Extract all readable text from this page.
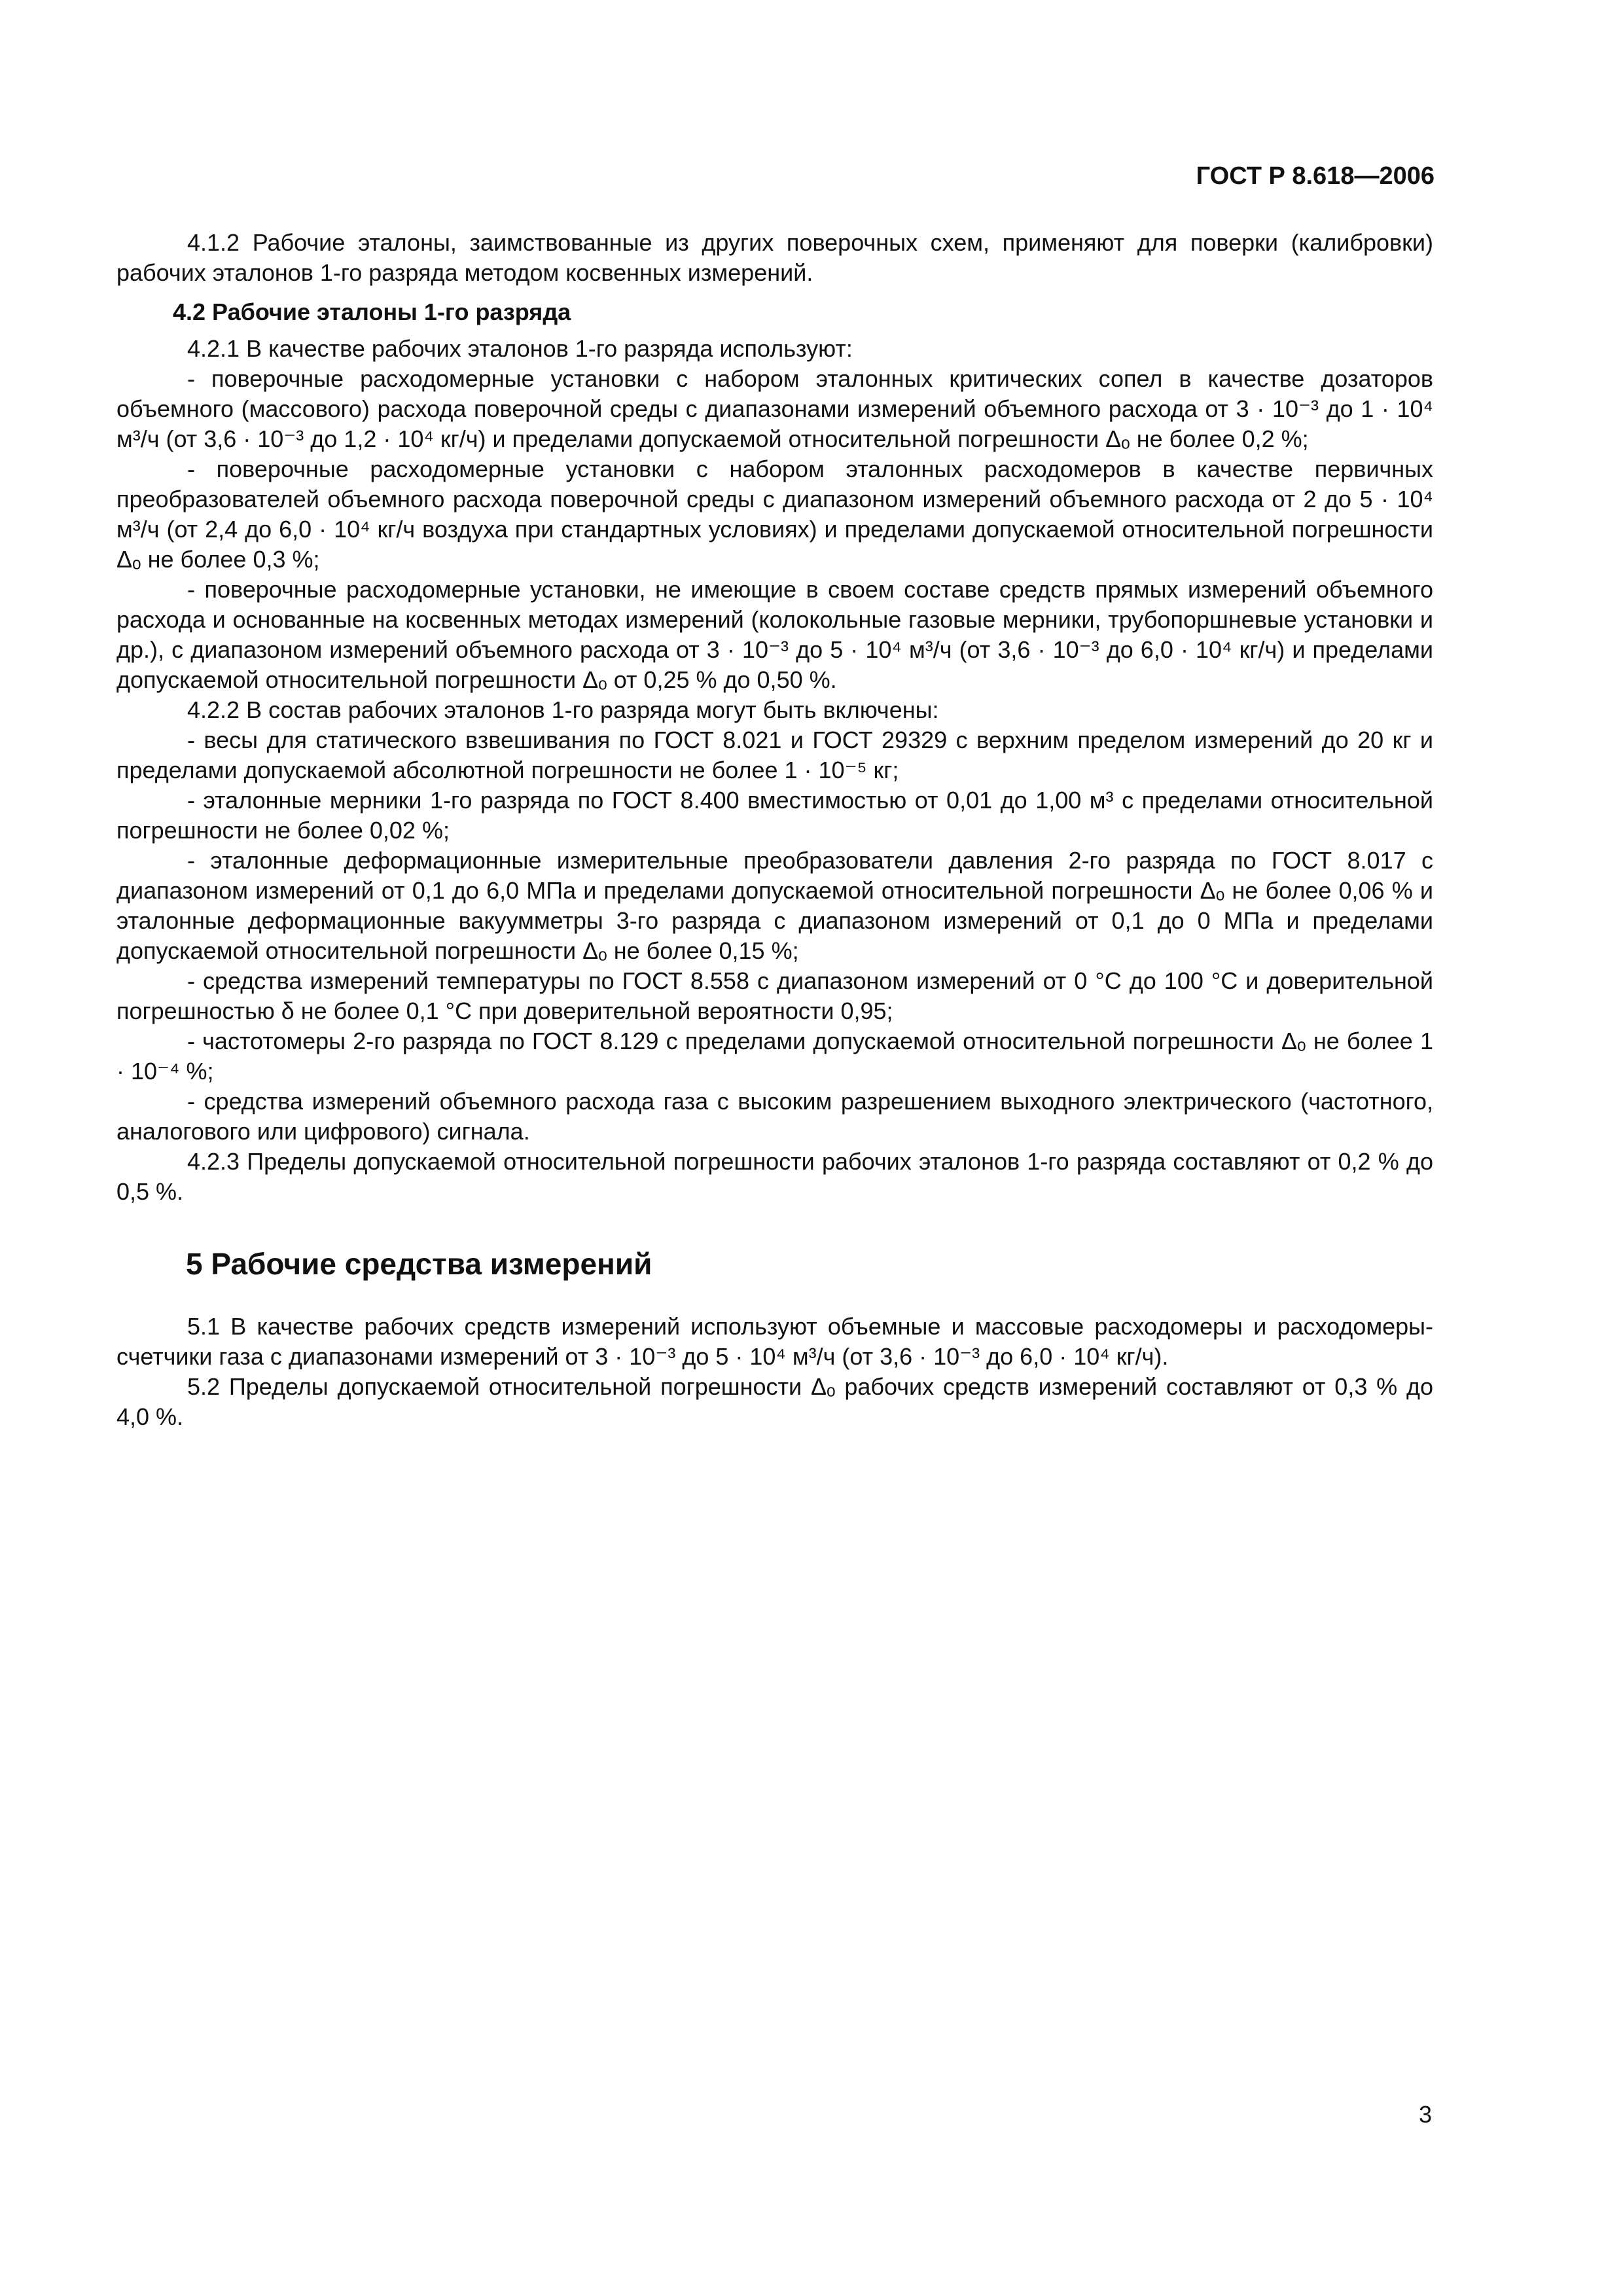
ГОСТ Р 8.618—2006

4.1.2 Рабочие эталоны, заимствованные из других поверочных схем, применяют для поверки (калибровки) рабочих эталонов 1-го разряда методом косвенных измерений.

4.2 Рабочие эталоны 1-го разряда

4.2.1 В качестве рабочих эталонов 1-го разряда используют:

- поверочные расходомерные установки с набором эталонных критических сопел в качестве дозаторов объемного (массового) расхода поверочной среды с диапазонами измерений объемного расхода от 3 · 10⁻³ до 1 · 10⁴ м³/ч (от 3,6 · 10⁻³ до 1,2 · 10⁴ кг/ч) и пределами допускаемой относительной погрешности Δₒ не более 0,2 %;

- поверочные расходомерные установки с набором эталонных расходомеров в качестве первичных преобразователей объемного расхода поверочной среды с диапазоном измерений объемного расхода от 2 до 5 · 10⁴ м³/ч (от 2,4 до 6,0 · 10⁴ кг/ч воздуха при стандартных условиях) и пределами допускаемой относительной погрешности Δₒ не более 0,3 %;

- поверочные расходомерные установки, не имеющие в своем составе средств прямых измерений объемного расхода и основанные на косвенных методах измерений (колокольные газовые мерники, трубопоршневые установки и др.), с диапазоном измерений объемного расхода от 3 · 10⁻³ до 5 · 10⁴ м³/ч (от 3,6 · 10⁻³ до 6,0 · 10⁴ кг/ч) и пределами допускаемой относительной погрешности Δₒ от 0,25 % до 0,50 %.

4.2.2 В состав рабочих эталонов 1-го разряда могут быть включены:

- весы для статического взвешивания по ГОСТ 8.021 и ГОСТ 29329 с верхним пределом измерений до 20 кг и пределами допускаемой абсолютной погрешности не более 1 · 10⁻⁵ кг;

- эталонные мерники 1-го разряда по ГОСТ 8.400 вместимостью от 0,01 до 1,00 м³ с пределами относительной погрешности не более 0,02 %;

- эталонные деформационные измерительные преобразователи давления 2-го разряда по ГОСТ 8.017 с диапазоном измерений от 0,1 до 6,0 МПа и пределами допускаемой относительной погрешности Δₒ не более 0,06 % и эталонные деформационные вакуумметры 3-го разряда с диапазоном измерений от 0,1 до 0 МПа и пределами допускаемой относительной погрешности Δₒ не более 0,15 %;

- средства измерений температуры по ГОСТ 8.558 с диапазоном измерений от 0 °С до 100 °С и доверительной погрешностью δ не более 0,1 °С при доверительной вероятности 0,95;

- частотомеры 2-го разряда по ГОСТ 8.129 с пределами допускаемой относительной погрешности Δₒ не более 1 · 10⁻⁴ %;

- средства измерений объемного расхода газа с высоким разрешением выходного электрического (частотного, аналогового или цифрового) сигнала.

4.2.3 Пределы допускаемой относительной погрешности рабочих эталонов 1-го разряда составляют от 0,2 % до 0,5 %.

5 Рабочие средства измерений

5.1 В качестве рабочих средств измерений используют объемные и массовые расходомеры и расходомеры-счетчики газа с диапазонами измерений от 3 · 10⁻³ до 5 · 10⁴ м³/ч (от 3,6 · 10⁻³ до 6,0 · 10⁴ кг/ч).

5.2 Пределы допускаемой относительной погрешности Δₒ рабочих средств измерений составляют от 0,3 % до 4,0 %.

3
